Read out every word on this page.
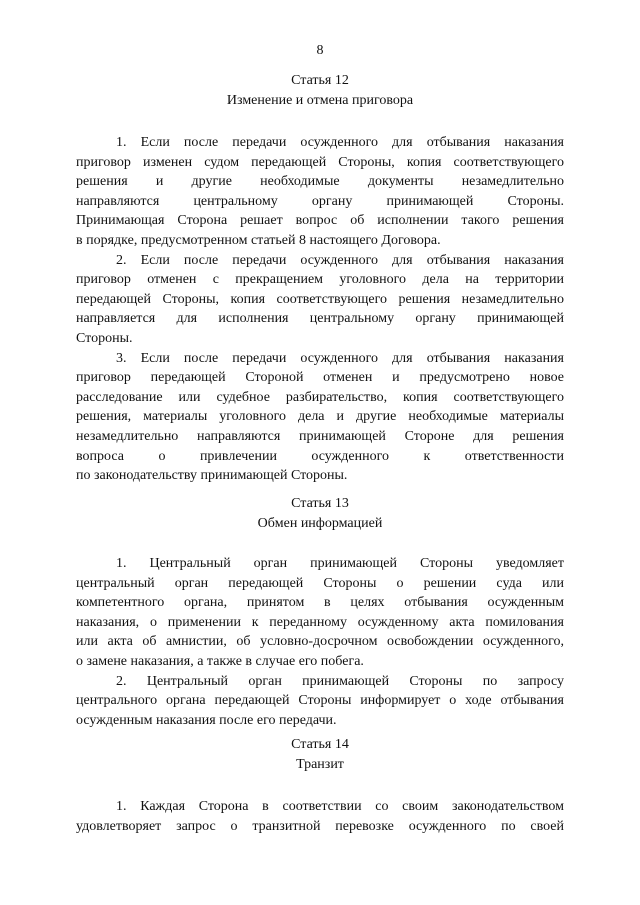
8

Статья 12

Изменение и отмена приговора

1. Если после передачи осужденного для отбывания наказания
приговор изменен судом передающей Стороны, копия соответствующего
решения и другие необходимые документы незамедлительно
направляются центральному органу принимающей Стороны.
Принимающая Сторона решает вопрос об исполнении такого решения
в порядке, предусмотренном статьей 8 настоящего Договора.
2. Если после передачи осужденного для отбывания наказания
приговор отменен с прекращением уголовного дела на территории
передающей Стороны, копия соответствующего решения незамедлительно
направляется для исполнения центральному органу принимающей
Стороны.
3. Если после передачи осужденного для отбывания наказания
приговор передающей Стороной отменен и предусмотрено новое
расследование или судебное разбирательство, копия соответствующего
решения, материалы уголовного дела и другие необходимые материалы
незамедлительно направляются принимающей Стороне для решения
вопроса о привлечении осужденного к ответственности
по законодательству принимающей Стороны.

Статья 13

Обмен информацией

1. Центральный орган принимающей Стороны уведомляет
центральный орган передающей Стороны о решении суда или
компетентного органа, принятом в целях отбывания осужденным
наказания, о применении к переданному осужденному акта помилования
или акта об амнистии, об условно-досрочном освобождении осужденного,
о замене наказания, а также в случае его побега.
2. Центральный орган принимающей Стороны по запросу
центрального органа передающей Стороны информирует о ходе отбывания
осужденным наказания после его передачи.

Статья 14

Транзит

1. Каждая Сторона в соответствии со своим законодательством
удовлетворяет запрос о транзитной перевозке осужденного по своей
